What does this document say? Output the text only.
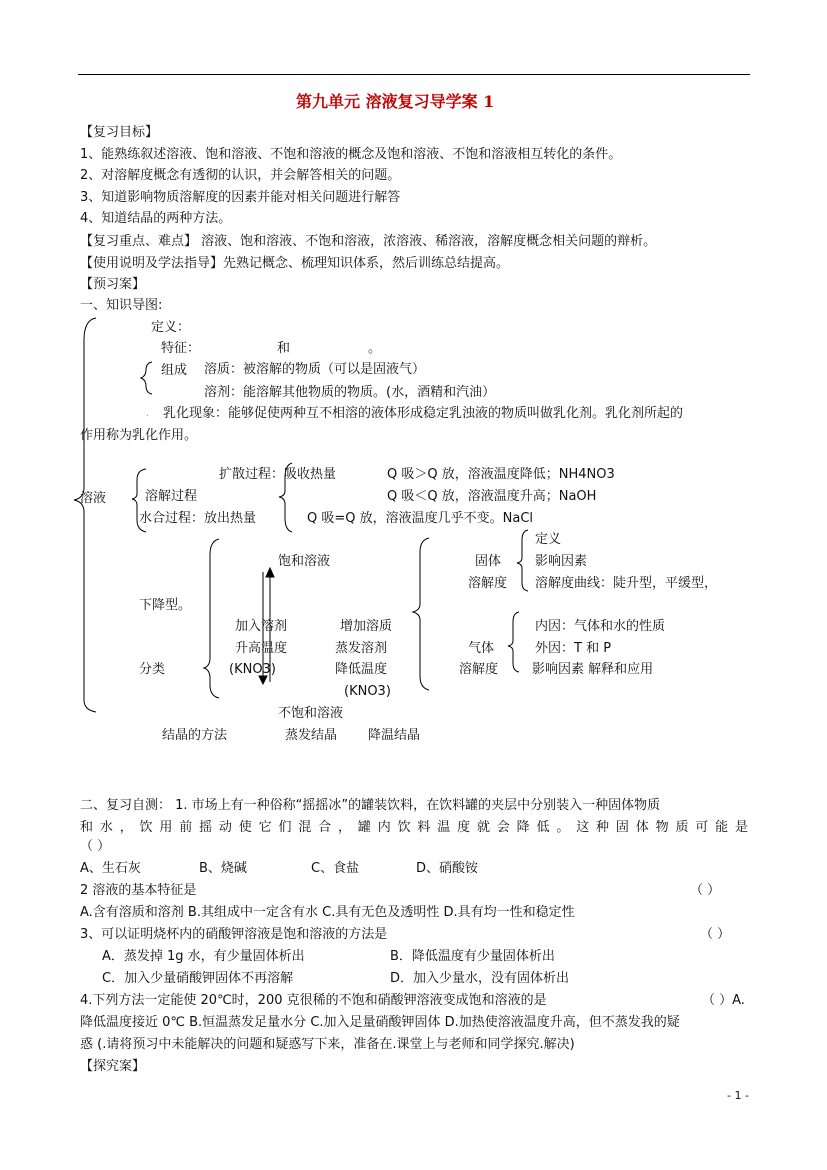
第九单元 溶液复习导学案 1
【复习目标】
1、能熟练叙述溶液、饱和溶液、不饱和溶液的概念及饱和溶液、不饱和溶液相互转化的条件。
2、对溶解度概念有透彻的认识，并会解答相关的问题。
3、知道影响物质溶解度的因素并能对相关问题进行解答
4、知道结晶的两种方法。
【复习重点、难点】 溶液、饱和溶液、不饱和溶液，浓溶液、稀溶液，溶解度概念相关问题的辩析。
【使用说明及学法指导】先熟记概念、梳理知识体系，然后训练总结提高。
【预习案】
一、知识导图:
.
溶液
定义：
特征：	和	。
组成 溶质：被溶解的物质（可以是固液气）
溶剂：能溶解其他物质的物质。(水，酒精和汽油）
乳化现象：能够促使两种互不相溶的液体形成稳定乳浊液的物质叫做乳化剂。乳化剂所起的
作用称为乳化作用。
扩散过程：吸收热量
溶解过程
水合过程：放出热量
Q 吸＞Q 放，溶液温度降低；NH4NO3
Q 吸＜Q 放，溶液温度升高；NaOH
Q 吸=Q 放，溶液温度几乎不变。NaCl
饱和溶液
下降型。
加入溶剂
升高温度
(KNO3)
增加溶质
蒸发溶剂
降低温度
(KNO3)
分类
不饱和溶液
结晶的方法	蒸发结晶 降温结晶
固体
溶解度
定义
影响因素
溶解度曲线：陡升型，平缓型，
气体
溶解度
内因：气体和水的性质
外因：T 和 P
影响因素 解释和应用
二、复习自测： 1. 市场上有一种俗称“摇摇冰”的罐装饮料，在饮料罐的夹层中分别装入一种固体物质
和水，饮用前摇动使它们混合，罐内饮料温度就会降低。这种固体物质可能是
（ ）
A、生石灰	B、烧碱	C、食盐	D、硝酸铵
2 溶液的基本特征是	（ ）
A.含有溶质和溶剂 B.其组成中一定含有水 C.具有无色及透明性 D.具有均一性和稳定性
3、可以证明烧杯内的硝酸钾溶液是饱和溶液的方法是	（ ）
A．蒸发掉 1g 水，有少量固体析出	B．降低温度有少量固体析出
C．加入少量硝酸钾固体不再溶解	D．加入少量水，没有固体析出
4.下列方法一定能使 20℃时，200 克很稀的不饱和硝酸钾溶液变成饱和溶液的是	（ ）A.
降低温度接近 0℃ B.恒温蒸发足量水分 C.加入足量硝酸钾固体 D.加热使溶液温度升高，但不蒸发我的疑
惑 (.请将预习中未能解决的问题和疑惑写下来，准备在.课堂上与老师和同学探究.解决)
【探究案】
- 1 -
